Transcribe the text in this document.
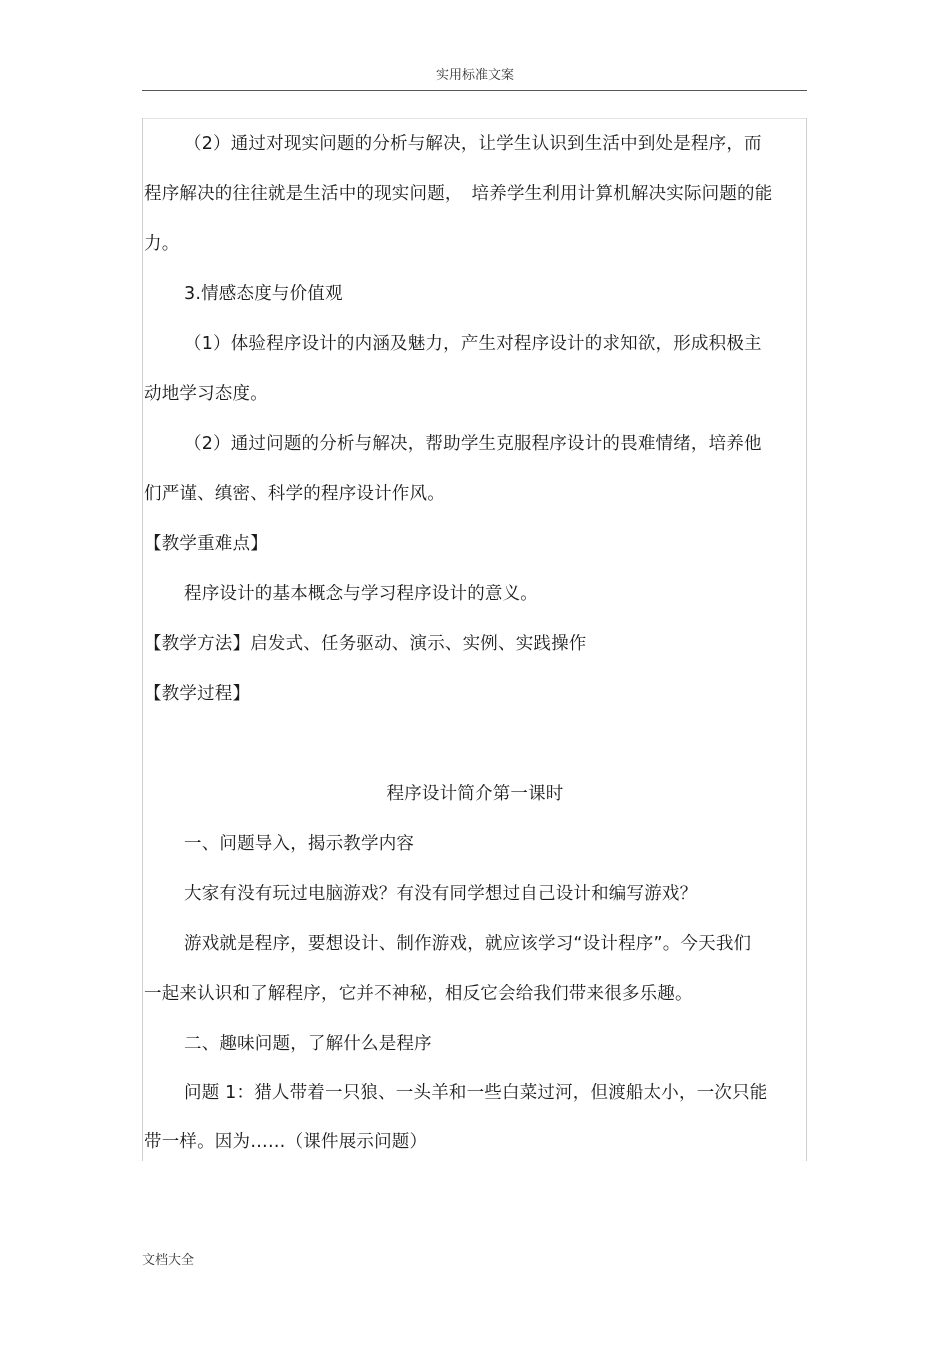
实用标准文案
（2）通过对现实问题的分析与解决，让学生认识到生活中到处是程序，而
程序解决的往往就是生活中的现实问题，　培养学生利用计算机解决实际问题的能
力。
3.情感态度与价值观
（1）体验程序设计的内涵及魅力，产生对程序设计的求知欲，形成积极主
动地学习态度。
（2）通过问题的分析与解决，帮助学生克服程序设计的畏难情绪，培养他
们严谨、缜密、科学的程序设计作风。
【教学重难点】
程序设计的基本概念与学习程序设计的意义。
【教学方法】启发式、任务驱动、演示、实例、实践操作
【教学过程】
程序设计简介第一课时
一、问题导入，揭示教学内容
大家有没有玩过电脑游戏？有没有同学想过自己设计和编写游戏？
游戏就是程序，要想设计、制作游戏，就应该学习“设计程序”。今天我们
一起来认识和了解程序，它并不神秘，相反它会给我们带来很多乐趣。
二、趣味问题，了解什么是程序
问题 1：猎人带着一只狼、一头羊和一些白菜过河，但渡船太小，一次只能
带一样。因为……（课件展示问题）
文档大全
